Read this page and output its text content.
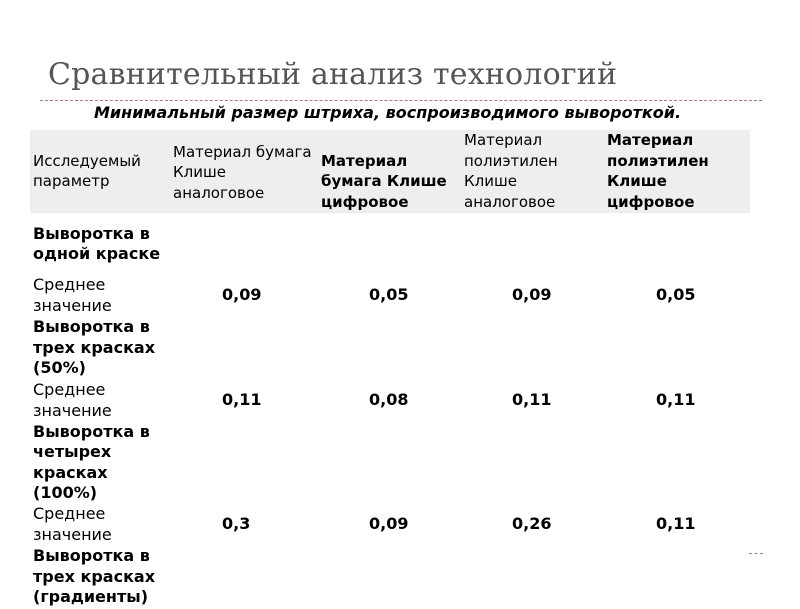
Сравнительный анализ технологий

Минимальный размер штриха, воспроизводимого вывороткой.

Исследуемый параметр	Материал бумага Клише аналоговое	Материал бумага Клише цифровое	Материал полиэтилен Клише аналоговое	Материал полиэтилен Клише цифровое
Выворотка в одной краске				
Среднее значение	0,09	0,05	0,09	0,05
Выворотка в трех красках (50%)				
Среднее значение	0,11	0,08	0,11	0,11
Выворотка в четырех красках (100%)				
Среднее значение	0,3	0,09	0,26	0,11
Выворотка в трех красках (градиенты)				
